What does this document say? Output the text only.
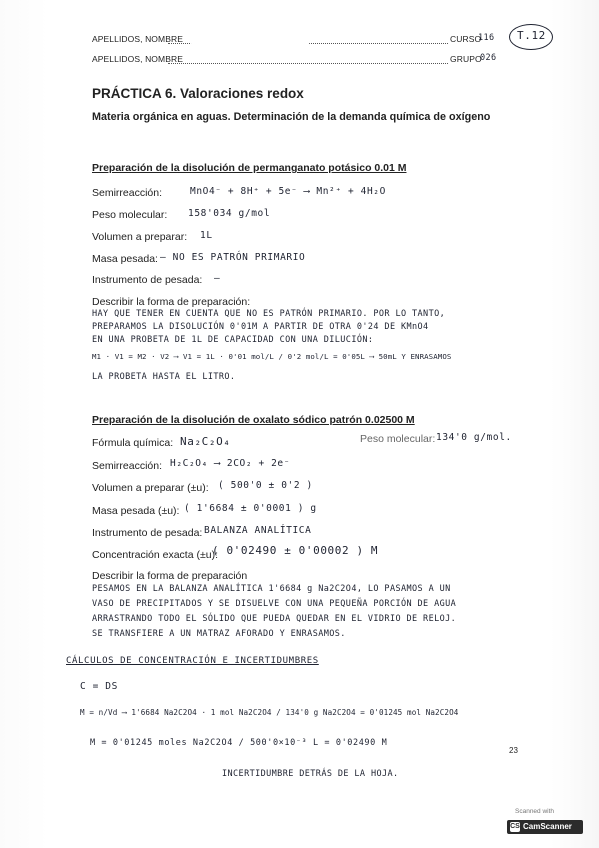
APELLIDOS, NOMBRE	CURSO
116 T.12
APELLIDOS, NOMBRE	GRUPO
026
PRÁCTICA 6. Valoraciones redox
Materia orgánica en aguas. Determinación de la demanda química de oxígeno
Preparación de la disolución de permanganato potásico 0.01 M
Semirreacción:	MnO4⁻ + 8H⁺ + 5e⁻ ⟶ Mn²⁺ + 4H₂O
Peso molecular: 158'034 g/mol
Volumen a preparar: 1L
Masa pesada: — NO ES PATRÓN PRIMARIO
Instrumento de pesada: —
Describir la forma de preparación:
HAY QUE TENER EN CUENTA QUE NO ES PATRÓN PRIMARIO. POR LO TANTO,
PREPARAMOS LA DISOLUCIÓN 0'01M A PARTIR DE OTRA 0'24 DE KMnO4
EN UNA PROBETA DE 1L DE CAPACIDAD CON UNA DILUCIÓN:
M1 · V1 = M2 · V2 ⟶ V1 = 1L · 0'01 mol/L / 0'2 mol/L = 0'05L ⟶ 50mL Y ENRASAMOS
LA PROBETA HASTA EL LITRO.
Preparación de la disolución de oxalato sódico patrón 0.02500 M
Fórmula química: Na₂C₂O₄	Peso molecular: 134'0 g/mol.
Semirreacción: H₂C₂O₄ ⟶ 2CO₂ + 2e⁻
Volumen a preparar (±u): ( 500'0 ± 0'2 )
Masa pesada (±u): ( 1'6684 ± 0'0001 ) g
Instrumento de pesada: BALANZA ANALÍTICA
Concentración exacta (±u):
( 0'02490 ± 0'00002 ) M
Describir la forma de preparación
PESAMOS EN LA BALANZA ANALÍTICA 1'6684 g Na2C2O4, LO PASAMOS A UN
VASO DE PRECIPITADOS Y SE DISUELVE CON UNA PEQUEÑA PORCIÓN DE AGUA
ARRASTRANDO TODO EL SÓLIDO QUE PUEDA QUEDAR EN EL VIDRIO DE RELOJ.
SE TRANSFIERE A UN MATRAZ AFORADO Y ENRASAMOS.
CÁLCULOS DE CONCENTRACIÓN E INCERTIDUMBRES
C = DS
M = n/Vd ⟶ 1'6684 Na2C2O4 · 1 mol Na2C2O4 / 134'0 g Na2C2O4 = 0'01245 mol Na2C2O4
M = 0'01245 moles Na2C2O4 / 500'0×10⁻³ L = 0'02490 M
23
INCERTIDUMBRE DETRÁS DE LA HOJA.
Scanned with
CS CamScanner
